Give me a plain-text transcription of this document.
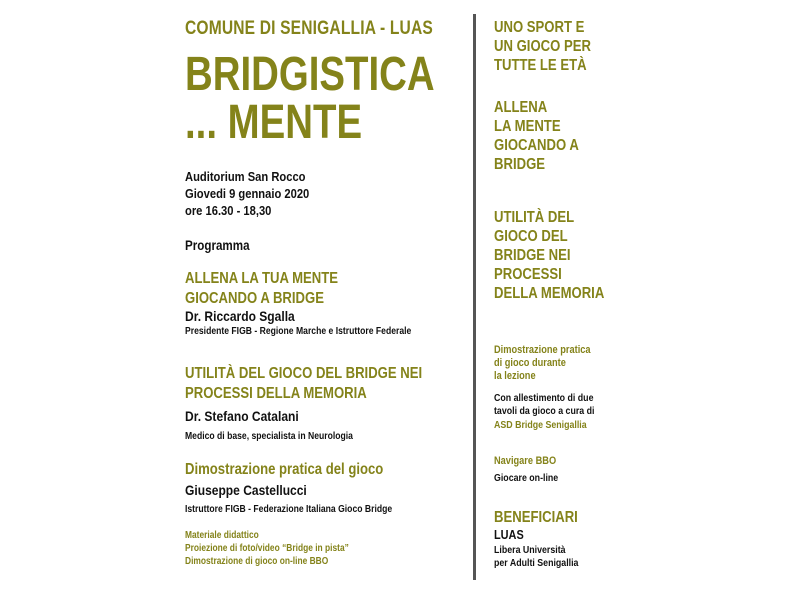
COMUNE DI SENIGALLIA - LUAS
BRIDGISTICA
... MENTE
Auditorium San Rocco
Giovedi 9 gennaio 2020
ore 16.30 - 18,30
Programma
ALLENA LA TUA MENTE
GIOCANDO A BRIDGE
Dr. Riccardo Sgalla
Presidente FIGB - Regione Marche e Istruttore Federale
UTILITÀ DEL GIOCO DEL BRIDGE NEI
PROCESSI DELLA MEMORIA
Dr. Stefano Catalani
Medico di base, specialista in Neurologia
Dimostrazione pratica del gioco
Giuseppe Castellucci
Istruttore FIGB - Federazione Italiana Gioco Bridge
Materiale didattico
Proiezione di foto/video “Bridge in pista”
Dimostrazione di gioco on-line BBO
UNO SPORT E
UN GIOCO PER
TUTTE LE ETÀ
ALLENA
LA MENTE
GIOCANDO A
BRIDGE
UTILITÀ DEL
GIOCO DEL
BRIDGE NEI
PROCESSI
DELLA MEMORIA
Dimostrazione pratica
di gioco durante
la lezione
Con allestimento di due
tavoli da gioco a cura di
ASD Bridge Senigallia
Navigare BBO
Giocare on-line
BENEFICIARI
LUAS
Libera Università
per Adulti Senigallia
